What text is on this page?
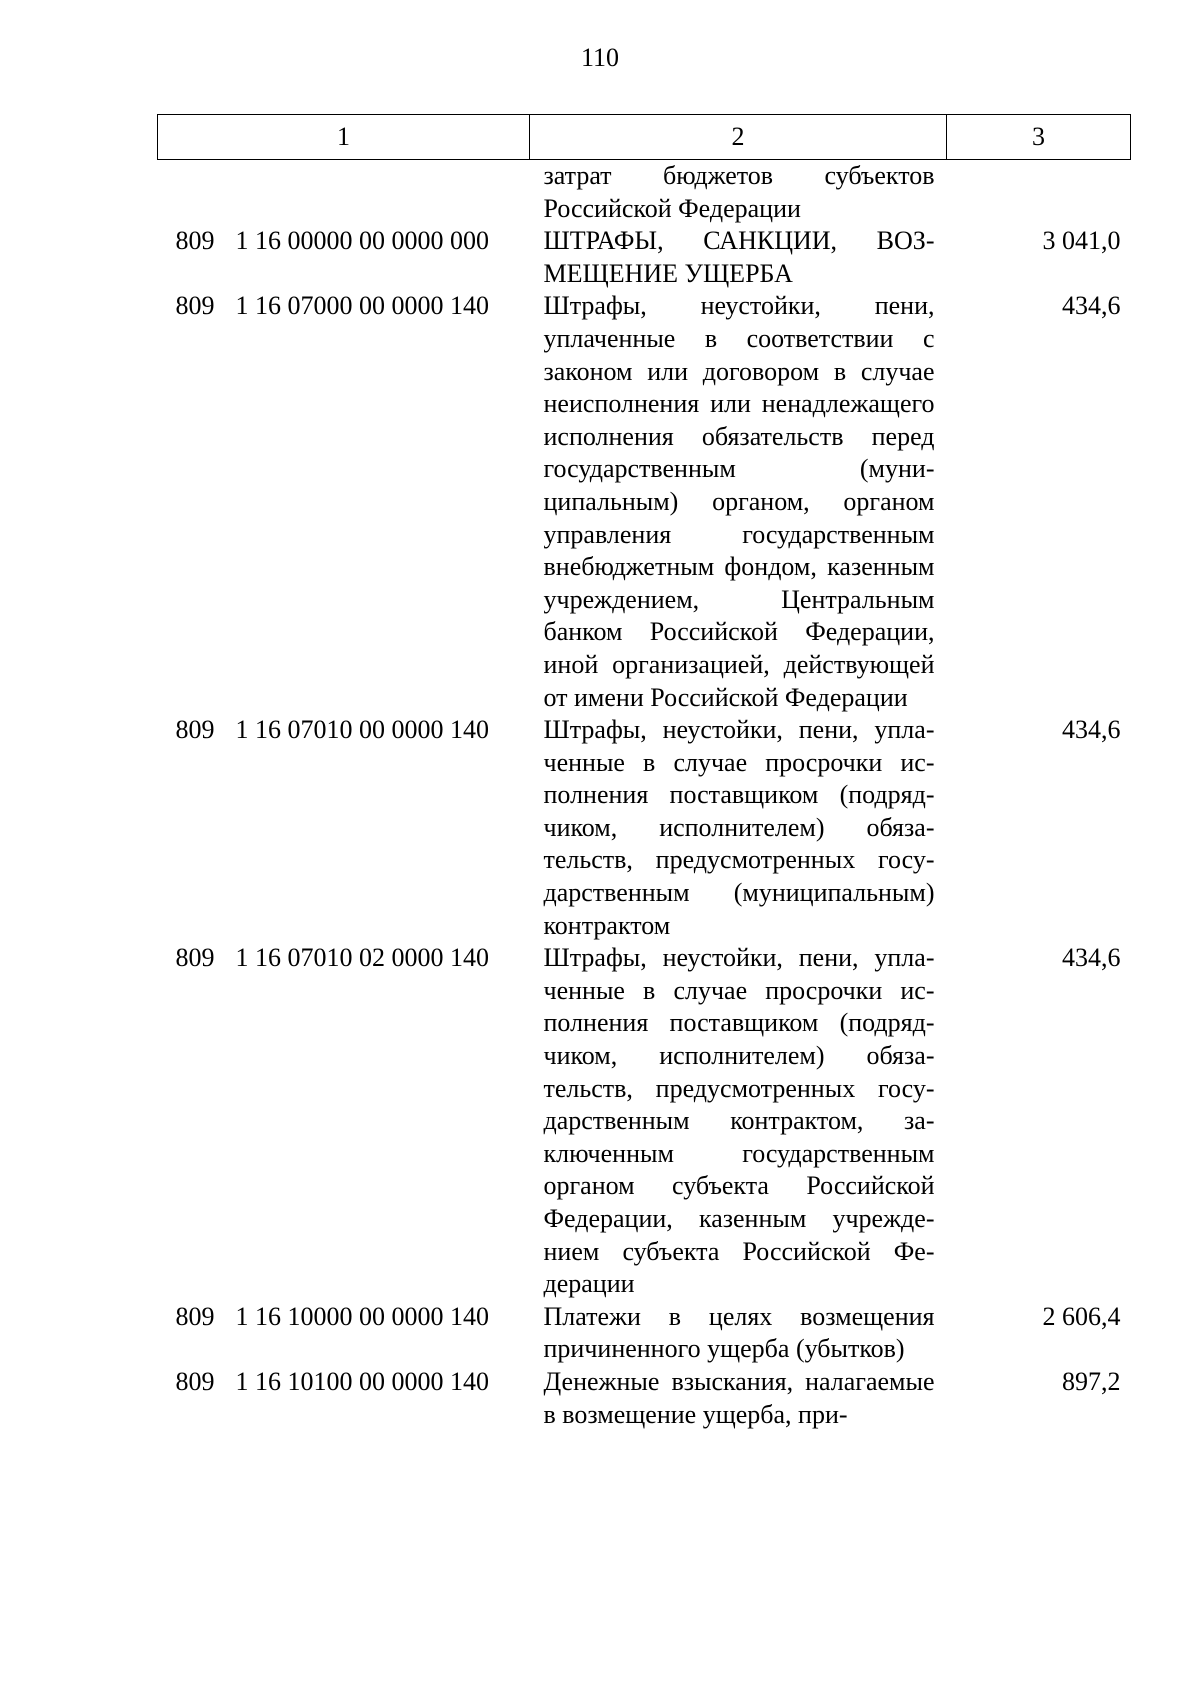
110
1	2	3
	затрат бюджетов субъектов Российской Федерации	
809 1 16 00000 00 0000 000	ШТРАФЫ, САНКЦИИ, ВОЗМЕЩЕНИЕ УЩЕРБА	3 041,0
809 1 16 07000 00 0000 140	Штрафы, неустойки, пени, уплаченные в соответствии с законом или договором в случае неисполнения или ненадлежащего исполнения обязательств перед государственным (муниципальным) органом, органом управления государственным внебюджетным фондом, казенным учреждением, Центральным банком Российской Федерации, иной организацией, действующей от имени Российской Федерации	434,6
809 1 16 07010 00 0000 140	Штрафы, неустойки, пени, уплаченные в случае просрочки исполнения поставщиком (подрядчиком, исполнителем) обязательств, предусмотренных государственным (муниципальным) контрактом	434,6
809 1 16 07010 02 0000 140	Штрафы, неустойки, пени, уплаченные в случае просрочки исполнения поставщиком (подрядчиком, исполнителем) обязательств, предусмотренных государственным контрактом, заключенным государственным органом субъекта Российской Федерации, казенным учреждением субъекта Российской Федерации	434,6
809 1 16 10000 00 0000 140	Платежи в целях возмещения причиненного ущерба (убытков)	2 606,4
809 1 16 10100 00 0000 140	Денежные взыскания, налагаемые в возмещение ущерба, при-	897,2
